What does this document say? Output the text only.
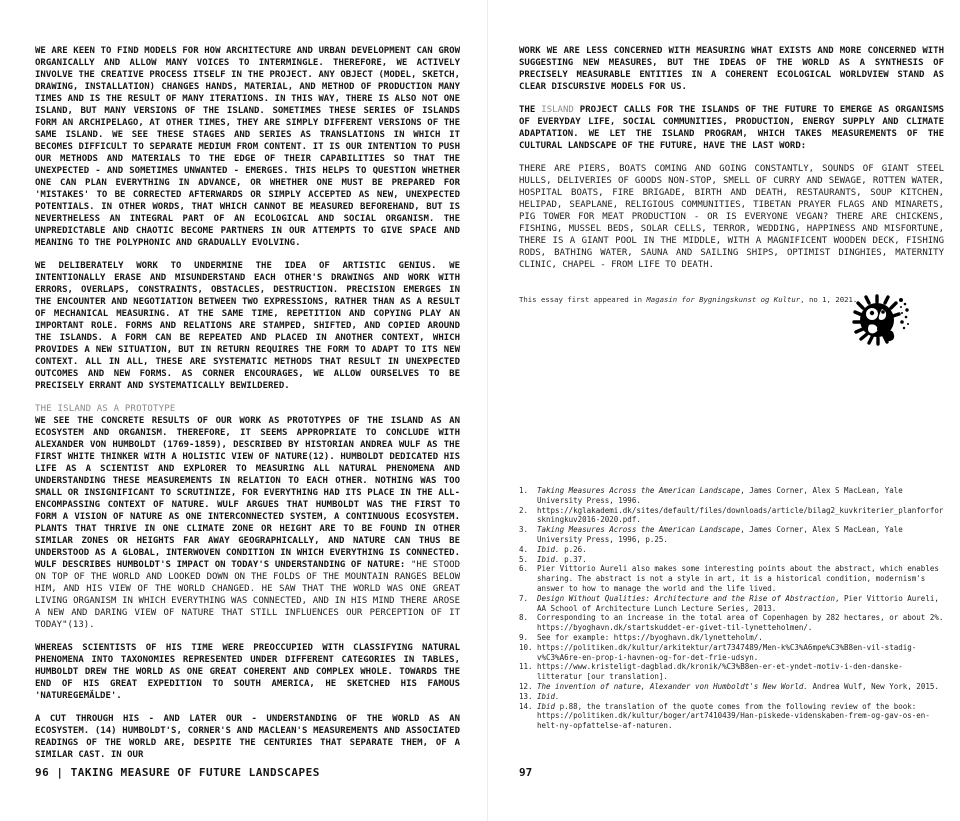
WE ARE KEEN TO FIND MODELS FOR HOW ARCHITECTURE AND URBAN DEVELOPMENT CAN GROW ORGANICALLY AND ALLOW MANY VOICES TO INTERMINGLE. THEREFORE, WE ACTIVELY INVOLVE THE CREATIVE PROCESS ITSELF IN THE PROJECT. ANY OBJECT (MODEL, SKETCH, DRAWING, INSTALLATION) CHANGES HANDS, MATERIAL, AND METHOD OF PRODUCTION MANY TIMES AND IS THE RESULT OF MANY ITERATIONS. IN THIS WAY, THERE IS ALSO NOT ONE ISLAND, BUT MANY VERSIONS OF THE ISLAND. SOMETIMES THESE SERIES OF ISLANDS FORM AN ARCHIPELAGO, AT OTHER TIMES, THEY ARE SIMPLY DIFFERENT VERSIONS OF THE SAME ISLAND. WE SEE THESE STAGES AND SERIES AS TRANSLATIONS IN WHICH IT BECOMES DIFFICULT TO SEPARATE MEDIUM FROM CONTENT. IT IS OUR INTENTION TO PUSH OUR METHODS AND MATERIALS TO THE EDGE OF THEIR CAPABILITIES SO THAT THE UNEXPECTED - AND SOMETIMES UNWANTED - EMERGES. THIS HELPS TO QUESTION WHETHER ONE CAN PLAN EVERYTHING IN ADVANCE, OR WHETHER ONE MUST BE PREPARED FOR 'MISTAKES' TO BE CORRECTED AFTERWARDS OR SIMPLY ACCEPTED AS NEW, UNEXPECTED POTENTIALS. IN OTHER WORDS, THAT WHICH CANNOT BE MEASURED BEFOREHAND, BUT IS NEVERTHELESS AN INTEGRAL PART OF AN ECOLOGICAL AND SOCIAL ORGANISM. THE UNPREDICTABLE AND CHAOTIC BECOME PARTNERS IN OUR ATTEMPTS TO GIVE SPACE AND MEANING TO THE POLYPHONIC AND GRADUALLY EVOLVING.

WE DELIBERATELY WORK TO UNDERMINE THE IDEA OF ARTISTIC GENIUS. WE INTENTIONALLY ERASE AND MISUNDERSTAND EACH OTHER'S DRAWINGS AND WORK WITH ERRORS, OVERLAPS, CONSTRAINTS, OBSTACLES, DESTRUCTION. PRECISION EMERGES IN THE ENCOUNTER AND NEGOTIATION BETWEEN TWO EXPRESSIONS, RATHER THAN AS A RESULT OF MECHANICAL MEASURING. AT THE SAME TIME, REPETITION AND COPYING PLAY AN IMPORTANT ROLE. FORMS AND RELATIONS ARE STAMPED, SHIFTED, AND COPIED AROUND THE ISLANDS. A FORM CAN BE REPEATED AND PLACED IN ANOTHER CONTEXT, WHICH PROVIDES A NEW SITUATION, BUT IN RETURN REQUIRES THE FORM TO ADAPT TO ITS NEW CONTEXT. ALL IN ALL, THESE ARE SYSTEMATIC METHODS THAT RESULT IN UNEXPECTED OUTCOMES AND NEW FORMS. AS CORNER ENCOURAGES, WE ALLOW OURSELVES TO BE PRECISELY ERRANT AND SYSTEMATICALLY BEWILDERED.

THE ISLAND AS A PROTOTYPE

WE SEE THE CONCRETE RESULTS OF OUR WORK AS PROTOTYPES OF THE ISLAND AS AN ECOSYSTEM AND ORGANISM. THEREFORE, IT SEEMS APPROPRIATE TO CONCLUDE WITH ALEXANDER VON HUMBOLDT (1769-1859), DESCRIBED BY HISTORIAN ANDREA WULF AS THE FIRST WHITE THINKER WITH A HOLISTIC VIEW OF NATURE(12). HUMBOLDT DEDICATED HIS LIFE AS A SCIENTIST AND EXPLORER TO MEASURING ALL NATURAL PHENOMENA AND UNDERSTANDING THESE MEASUREMENTS IN RELATION TO EACH OTHER. NOTHING WAS TOO SMALL OR INSIGNIFICANT TO SCRUTINIZE, FOR EVERYTHING HAD ITS PLACE IN THE ALL-ENCOMPASSING CONTEXT OF NATURE. WULF ARGUES THAT HUMBOLDT WAS THE FIRST TO FORM A VISION OF NATURE AS ONE INTERCONNECTED SYSTEM, A CONTINUOUS ECOSYSTEM. PLANTS THAT THRIVE IN ONE CLIMATE ZONE OR HEIGHT ARE TO BE FOUND IN OTHER SIMILAR ZONES OR HEIGHTS FAR AWAY GEOGRAPHICALLY, AND NATURE CAN THUS BE UNDERSTOOD AS A GLOBAL, INTERWOVEN CONDITION IN WHICH EVERYTHING IS CONNECTED. WULF DESCRIBES HUMBOLDT'S IMPACT ON TODAY'S UNDERSTANDING OF NATURE: "HE STOOD ON TOP OF THE WORLD AND LOOKED DOWN ON THE FOLDS OF THE MOUNTAIN RANGES BELOW HIM, AND HIS VIEW OF THE WORLD CHANGED. HE SAW THAT THE WORLD WAS ONE GREAT LIVING ORGANISM IN WHICH EVERYTHING WAS CONNECTED, AND IN HIS MIND THERE AROSE A NEW AND DARING VIEW OF NATURE THAT STILL INFLUENCES OUR PERCEPTION OF IT TODAY"(13).

WHEREAS SCIENTISTS OF HIS TIME WERE PREOCCUPIED WITH CLASSIFYING NATURAL PHENOMENA INTO TAXONOMIES REPRESENTED UNDER DIFFERENT CATEGORIES IN TABLES, HUMBOLDT DREW THE WORLD AS ONE GREAT COHERENT AND COMPLEX WHOLE. TOWARDS THE END OF HIS GREAT EXPEDITION TO SOUTH AMERICA, HE SKETCHED HIS FAMOUS 'NATUREGEMÄLDE'.

A CUT THROUGH HIS - AND LATER OUR - UNDERSTANDING OF THE WORLD AS AN ECOSYSTEM. (14) HUMBOLDT'S, CORNER'S AND MACLEAN'S MEASUREMENTS AND ASSOCIATED READINGS OF THE WORLD ARE, DESPITE THE CENTURIES THAT SEPARATE THEM, OF A SIMILAR CAST. IN OUR

WORK WE ARE LESS CONCERNED WITH MEASURING WHAT EXISTS AND MORE CONCERNED WITH SUGGESTING NEW MEASURES, BUT THE IDEAS OF THE WORLD AS A SYNTHESIS OF PRECISELY MEASURABLE ENTITIES IN A COHERENT ECOLOGICAL WORLDVIEW STAND AS CLEAR DISCURSIVE MODELS FOR US.

THE ISLAND PROJECT CALLS FOR THE ISLANDS OF THE FUTURE TO EMERGE AS ORGANISMS OF EVERYDAY LIFE, SOCIAL COMMUNITIES, PRODUCTION, ENERGY SUPPLY AND CLIMATE ADAPTATION. WE LET THE ISLAND PROGRAM, WHICH TAKES MEASUREMENTS OF THE CULTURAL LANDSCAPE OF THE FUTURE, HAVE THE LAST WORD:

THERE ARE PIERS, BOATS COMING AND GOING CONSTANTLY, SOUNDS OF GIANT STEEL HULLS, DELIVERIES OF GOODS NON-STOP, SMELL OF CURRY AND SEWAGE, ROTTEN WATER, HOSPITAL BOATS, FIRE BRIGADE, BIRTH AND DEATH, RESTAURANTS, SOUP KITCHEN, HELIPAD, SEAPLANE, RELIGIOUS COMMUNITIES, TIBETAN PRAYER FLAGS AND MINARETS, PIG TOWER FOR MEAT PRODUCTION - OR IS EVERYONE VEGAN? THERE ARE CHICKENS, FISHING, MUSSEL BEDS, SOLAR CELLS, TERROR, WEDDING, HAPPINESS AND MISFORTUNE, THERE IS A GIANT POOL IN THE MIDDLE, WITH A MAGNIFICENT WOODEN DECK, FISHING RODS, BATHING WATER, SAUNA AND SAILING SHIPS, OPTIMIST DINGHIES, MATERNITY CLINIC, CHAPEL - FROM LIFE TO DEATH.

This essay first appeared in Magasin for Bygningskunst og Kultur, no 1, 2021.
1. Taking Measures Across the American Landscape, James Corner, Alex S MacLean, Yale University Press, 1996.
2. https://kglakademi.dk/sites/default/files/downloads/article/bilag2_kuvkriterier_planforforskningkuv2016-2020.pdf.
3. Taking Measures Across the American Landscape, James Corner, Alex S MacLean, Yale University Press, 1996, p.25.
4. Ibid. p.26.
5. Ibid. p.37.
6. Pier Vittorio Aureli also makes some interesting points about the abstract, which enables sharing. The abstract is not a style in art, it is a historical condition, modernism's answer to how to manage the world and the life lived.
7. Design Without Qualities: Architecture and the Rise of Abstraction, Pier Vittorio Aureli, AA School of Architecture Lunch Lecture Series, 2013.
8. Corresponding to an increase in the total area of Copenhagen by 282 hectares, or about 2%. https://byoghavn.dk/startskuddet-er-givet-til-lynetteholmen/.
9. See for example: https://byoghavn.dk/lynetteholm/.
10. https://politiken.dk/kultur/arkitektur/art7347489/Men-k%C3%A6mpe%C3%B8en-vil-stadig-v%C3%A6re-en-prop-i-havnen-og-for-det-frie-udsyn.
11. https://www.kristeligt-dagblad.dk/kronik/%C3%B8en-er-et-yndet-motiv-i-den-danske-litteratur [our translation].
12. The invention of nature, Alexander von Humboldt's New World. Andrea Wulf, New York, 2015.
13. Ibid.
14. Ibid p.88, the translation of the quote comes from the following review of the book: https://politiken.dk/kultur/boger/art7410439/Han-piskede-videnskaben-frem-og-gav-os-en-helt-ny-opfattelse-af-naturen.
96 | TAKING MEASURE OF FUTURE LANDSCAPES	97
